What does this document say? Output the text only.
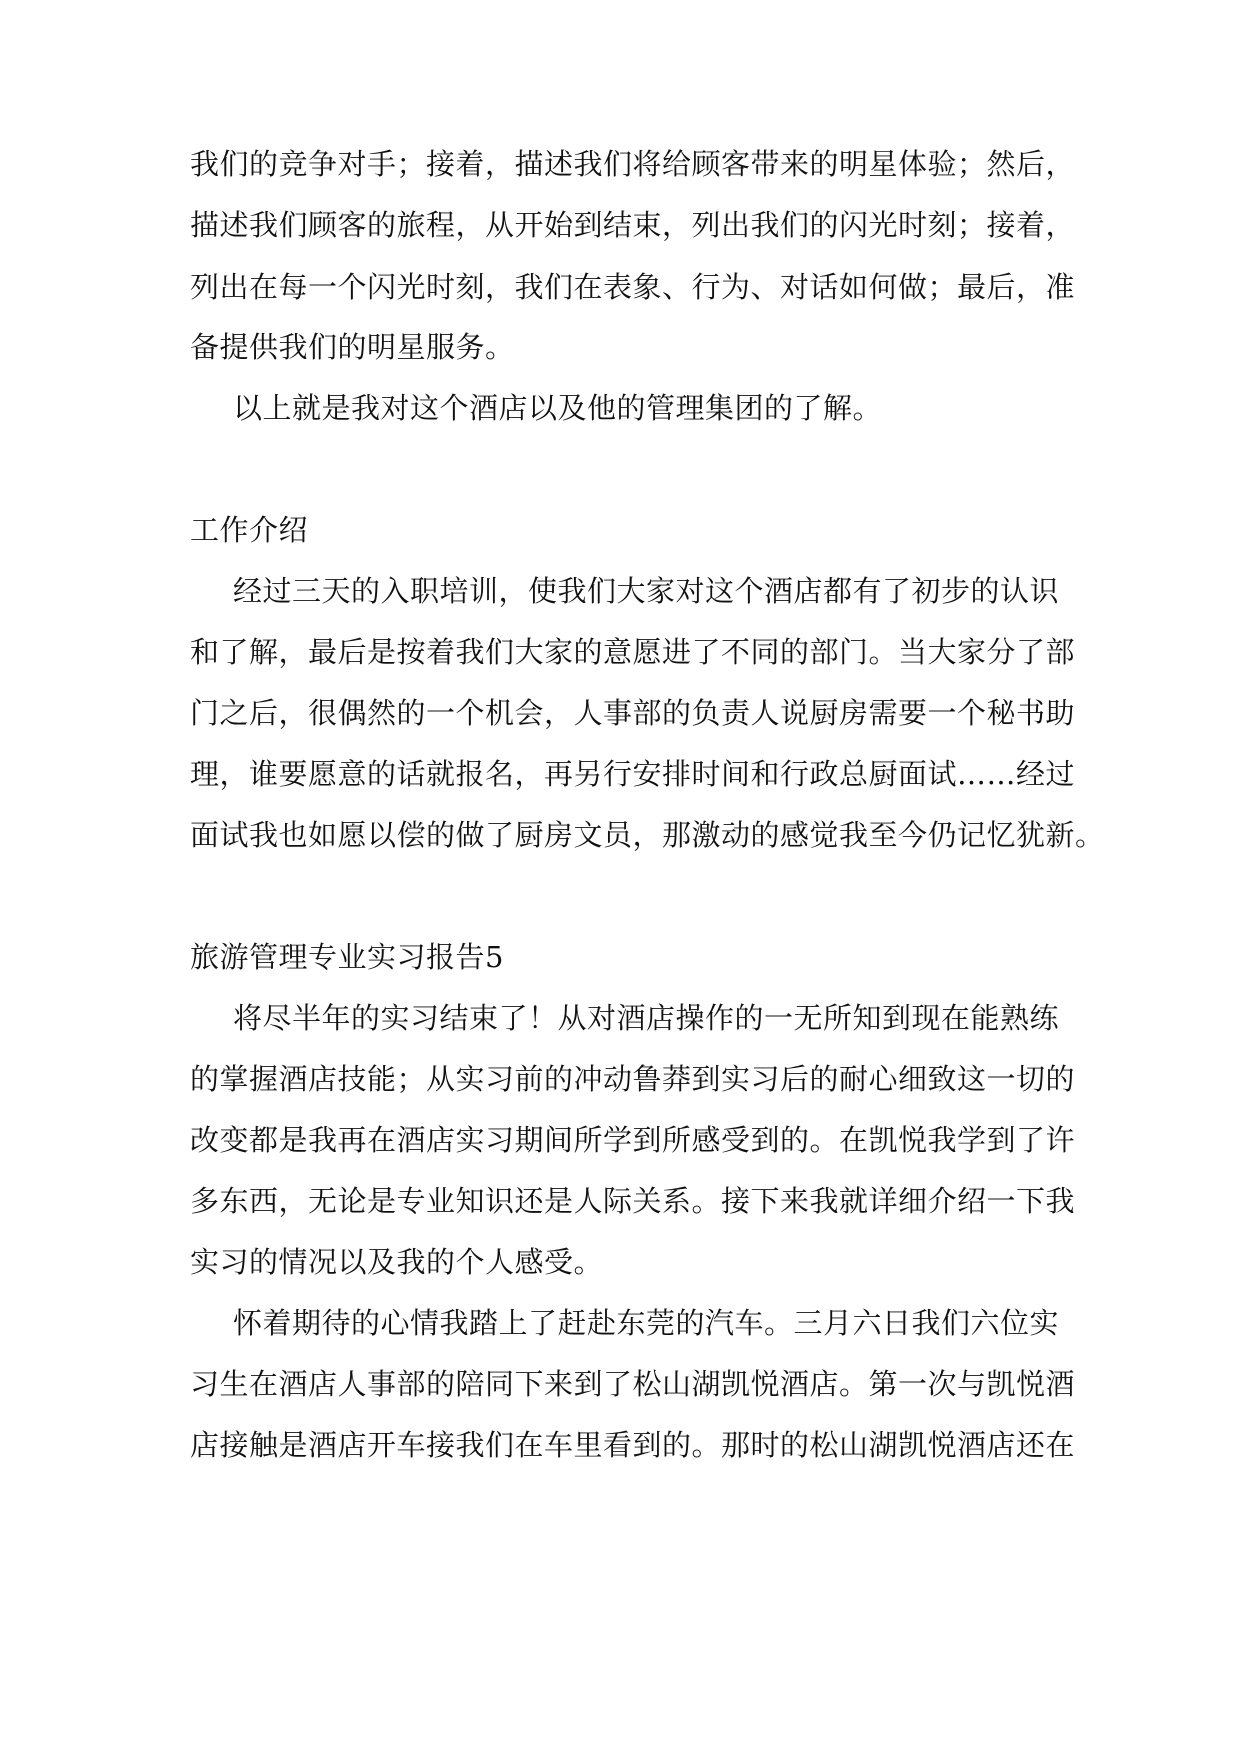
我们的竞争对手；接着，描述我们将给顾客带来的明星体验；然后，
描述我们顾客的旅程，从开始到结束，列出我们的闪光时刻；接着，
列出在每一个闪光时刻，我们在表象、行为、对话如何做；最后，准
备提供我们的明星服务。
以上就是我对这个酒店以及他的管理集团的了解。
工作介绍
经过三天的入职培训，使我们大家对这个酒店都有了初步的认识
和了解，最后是按着我们大家的意愿进了不同的部门。当大家分了部
门之后，很偶然的一个机会，人事部的负责人说厨房需要一个秘书助
理，谁要愿意的话就报名，再另行安排时间和行政总厨面试……经过
面试我也如愿以偿的做了厨房文员，那激动的感觉我至今仍记忆犹新。
旅游管理专业实习报告5
将尽半年的实习结束了！从对酒店操作的一无所知到现在能熟练
的掌握酒店技能；从实习前的冲动鲁莽到实习后的耐心细致这一切的
改变都是我再在酒店实习期间所学到所感受到的。在凯悦我学到了许
多东西，无论是专业知识还是人际关系。接下来我就详细介绍一下我
实习的情况以及我的个人感受。
怀着期待的心情我踏上了赶赴东莞的汽车。三月六日我们六位实
习生在酒店人事部的陪同下来到了松山湖凯悦酒店。第一次与凯悦酒
店接触是酒店开车接我们在车里看到的。那时的松山湖凯悦酒店还在
